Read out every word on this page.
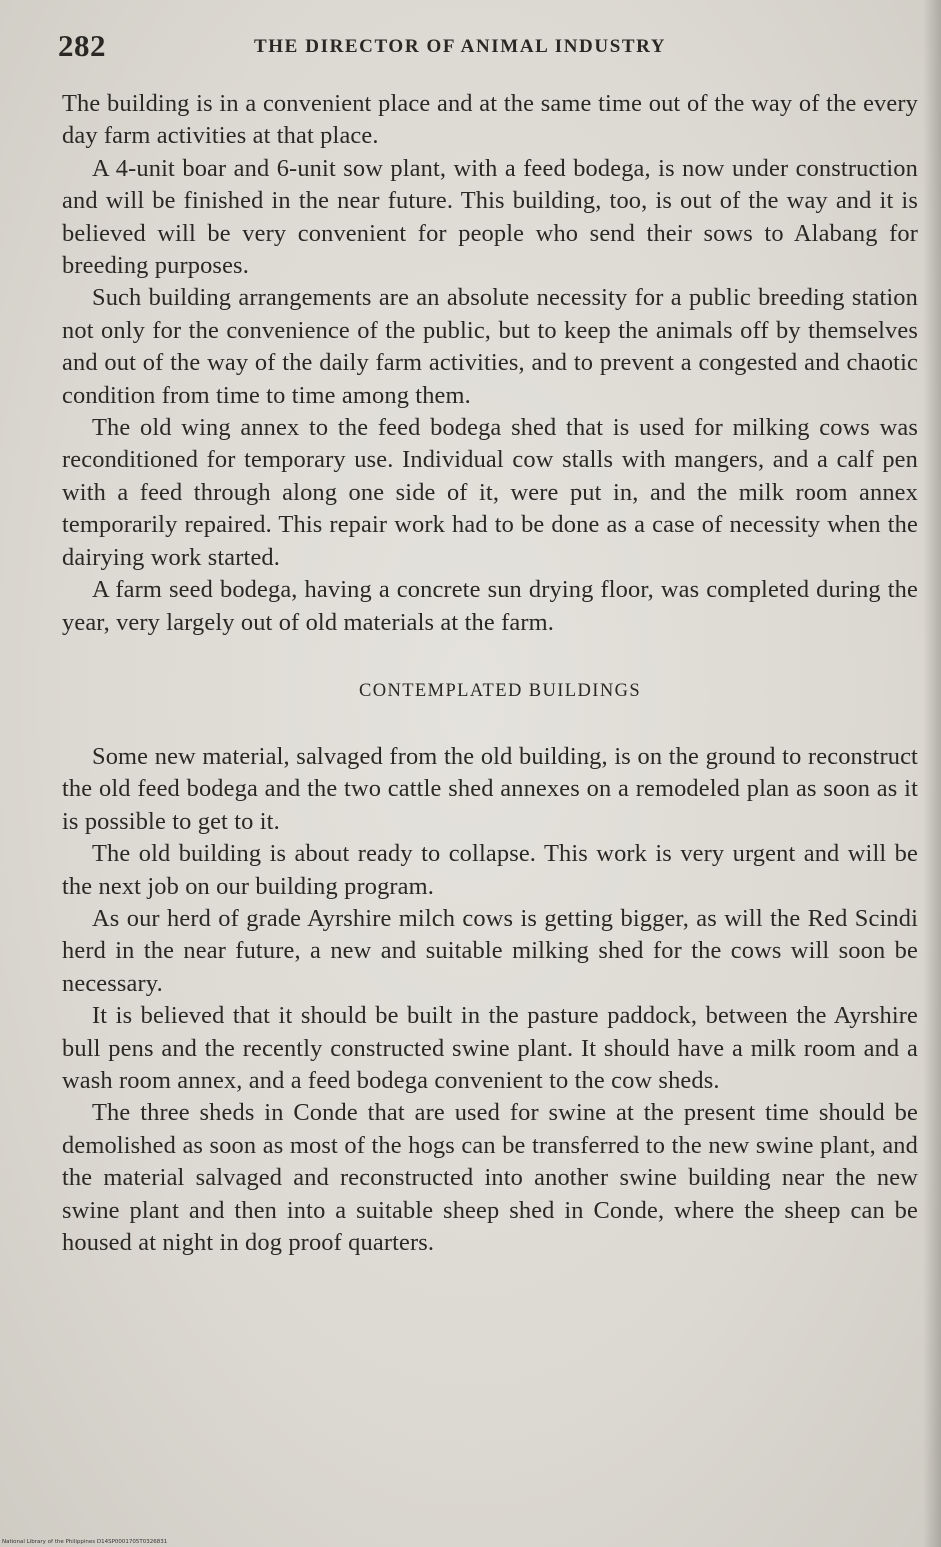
282	THE DIRECTOR OF ANIMAL INDUSTRY

The building is in a convenient place and at the same time out of the way of the every day farm activities at that place.

A 4-unit boar and 6-unit sow plant, with a feed bodega, is now under construction and will be finished in the near future. This building, too, is out of the way and it is believed will be very convenient for people who send their sows to Alabang for breeding purposes.

Such building arrangements are an absolute necessity for a public breeding station not only for the convenience of the public, but to keep the animals off by themselves and out of the way of the daily farm activities, and to prevent a congested and chaotic condition from time to time among them.

The old wing annex to the feed bodega shed that is used for milking cows was reconditioned for temporary use. Individual cow stalls with mangers, and a calf pen with a feed through along one side of it, were put in, and the milk room annex temporarily repaired. This repair work had to be done as a case of necessity when the dairying work started.

A farm seed bodega, having a concrete sun drying floor, was completed during the year, very largely out of old materials at the farm.

CONTEMPLATED BUILDINGS

Some new material, salvaged from the old building, is on the ground to reconstruct the old feed bodega and the two cattle shed annexes on a remodeled plan as soon as it is possible to get to it.

The old building is about ready to collapse. This work is very urgent and will be the next job on our building program.

As our herd of grade Ayrshire milch cows is getting bigger, as will the Red Scindi herd in the near future, a new and suitable milking shed for the cows will soon be necessary.

It is believed that it should be built in the pasture paddock, between the Ayrshire bull pens and the recently constructed swine plant. It should have a milk room and a wash room annex, and a feed bodega convenient to the cow sheds.

The three sheds in Conde that are used for swine at the present time should be demolished as soon as most of the hogs can be transferred to the new swine plant, and the material salvaged and reconstructed into another swine building near the new swine plant and then into a suitable sheep shed in Conde, where the sheep can be housed at night in dog proof quarters.

National Library of the Philippines D14SP0001705T0326831
